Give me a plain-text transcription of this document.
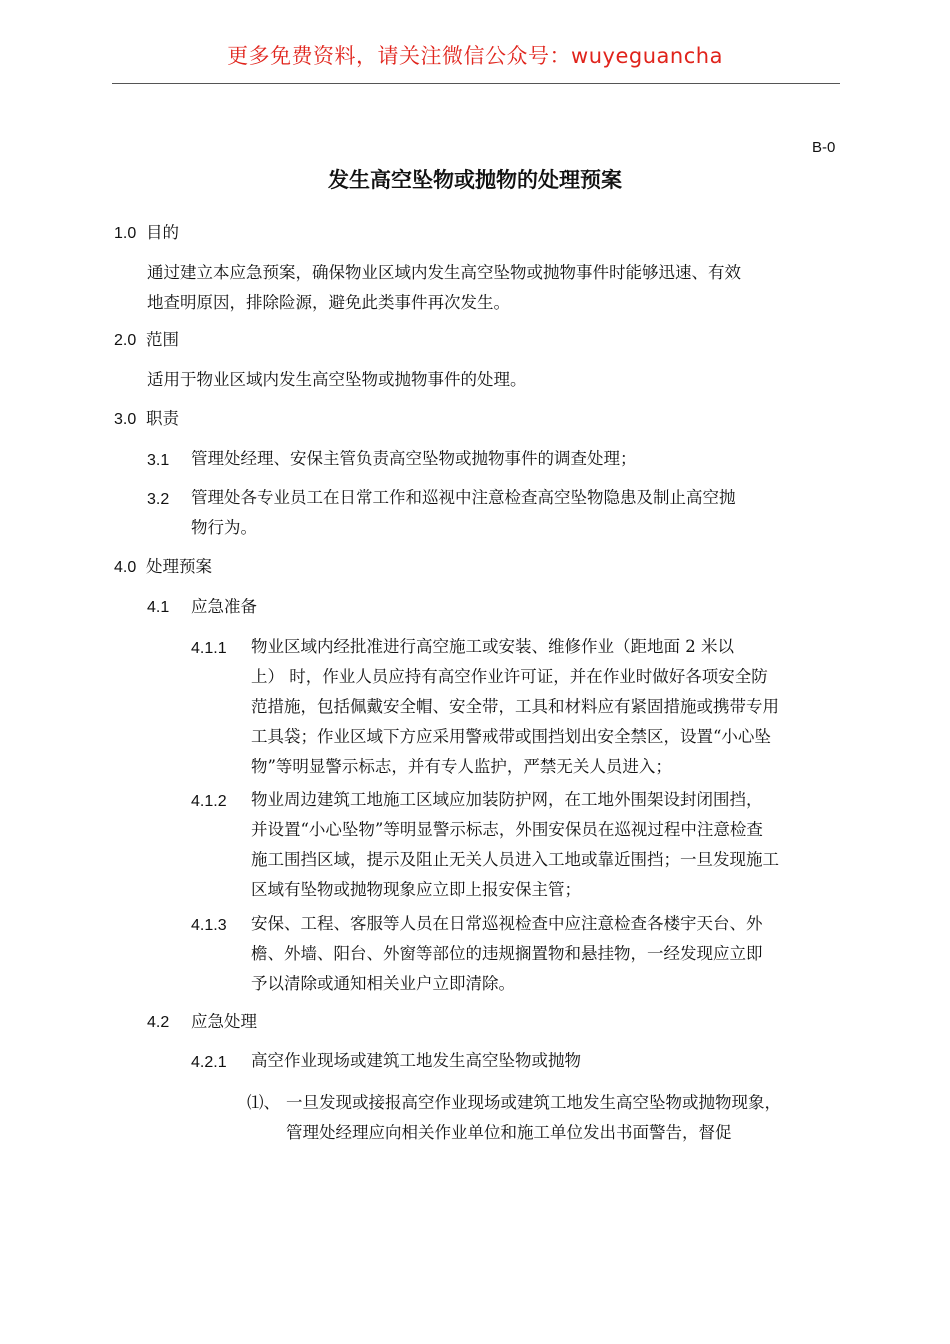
更多免费资料，请关注微信公众号：wuyeguancha
B-0
发生高空坠物或抛物的处理预案
1.0 目的
通过建立本应急预案，确保物业区域内发生高空坠物或抛物事件时能够迅速、有效
地查明原因，排除险源，避免此类事件再次发生。
2.0 范围
适用于物业区域内发生高空坠物或抛物事件的处理。
3.0 职责
3.1 管理处经理、安保主管负责高空坠物或抛物事件的调查处理；
3.2 管理处各专业员工在日常工作和巡视中注意检查高空坠物隐患及制止高空抛
物行为。
4.0 处理预案
4.1 应急准备
4.1.1 物业区域内经批准进行高空施工或安装、维修作业（距地面 2 米以
上） 时，作业人员应持有高空作业许可证，并在作业时做好各项安全防
范措施，包括佩戴安全帽、安全带，工具和材料应有紧固措施或携带专用
工具袋；作业区域下方应采用警戒带或围挡划出安全禁区，设置“小心坠
物”等明显警示标志，并有专人监护，严禁无关人员进入；
4.1.2 物业周边建筑工地施工区域应加装防护网，在工地外围架设封闭围挡，
并设置“小心坠物”等明显警示标志，外围安保员在巡视过程中注意检查
施工围挡区域，提示及阻止无关人员进入工地或靠近围挡；一旦发现施工
区域有坠物或抛物现象应立即上报安保主管；
4.1.3 安保、工程、客服等人员在日常巡视检查中应注意检查各楼宇天台、外
檐、外墙、阳台、外窗等部位的违规搁置物和悬挂物，一经发现应立即
予以清除或通知相关业户立即清除。
4.2 应急处理
4.2.1 高空作业现场或建筑工地发生高空坠物或抛物
⑴、 一旦发现或接报高空作业现场或建筑工地发生高空坠物或抛物现象，
管理处经理应向相关作业单位和施工单位发出书面警告，督促
